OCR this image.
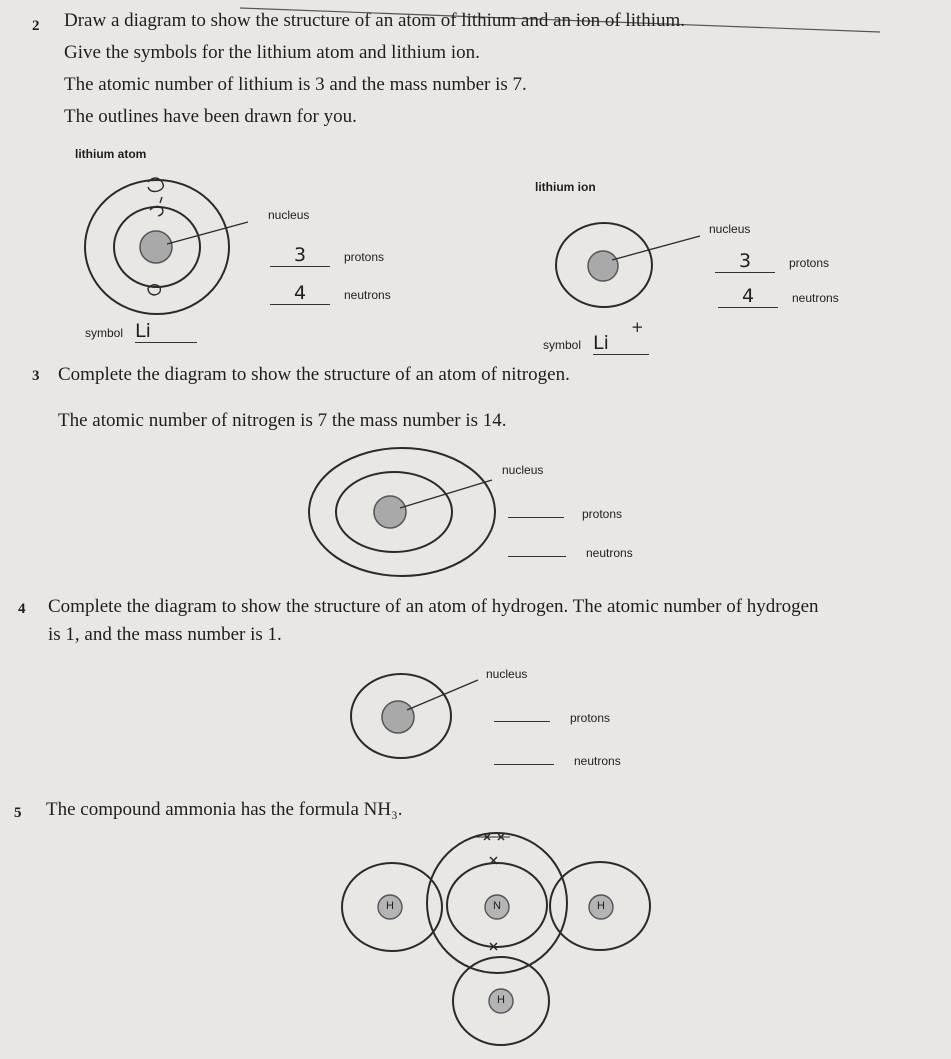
2 Draw a diagram to show the structure of an atom of lithium and an ion of lithium.
Give the symbols for the lithium atom and lithium ion.
The atomic number of lithium is 3 and the mass number is 7.
The outlines have been drawn for you.
lithium atom
nucleus
3	protons
4	neutrons
symbol Li
lithium ion
nucleus
3	protons
4	neutrons
symbol Li
+
3 Complete the diagram to show the structure of an atom of nitrogen.
The atomic number of nitrogen is 7 the mass number is 14.
nucleus
protons
neutrons
4 Complete the diagram to show the structure of an atom of hydrogen. The atomic number of hydrogen
is 1, and the mass number is 1.
nucleus
protons
neutrons
5 The compound ammonia has the formula NH₃.
H	N	H
H
